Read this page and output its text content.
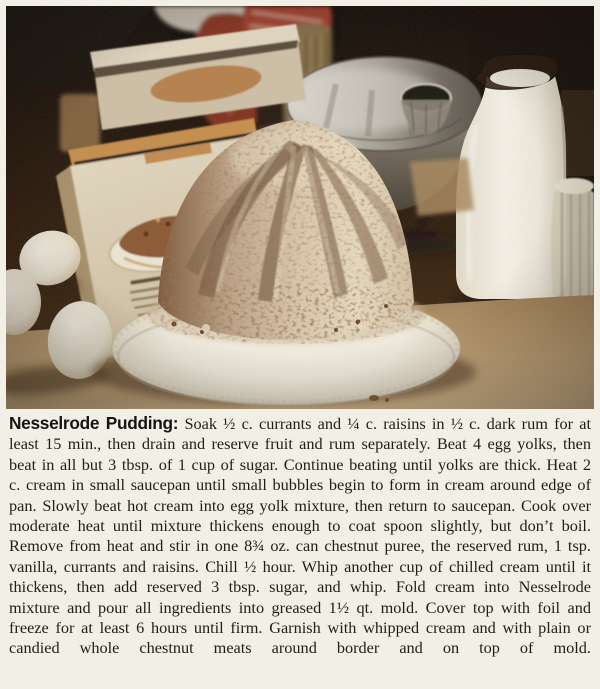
Nesselrode Pudding: Soak ½ c. currants and ¼ c. raisins in ½ c. dark rum for at least 15 min., then drain and reserve fruit and rum separately. Beat 4 egg yolks, then beat in all but 3 tbsp. of 1 cup of sugar. Continue beating until yolks are thick. Heat 2 c. cream in small saucepan until small bubbles begin to form in cream around edge of pan. Slowly beat hot cream into egg yolk mixture, then return to saucepan. Cook over moderate heat until mixture thickens enough to coat spoon slightly, but don’t boil. Remove from heat and stir in one 8¾ oz. can chestnut puree, the reserved rum, 1 tsp. vanilla, currants and raisins. Chill ½ hour. Whip another cup of chilled cream until it thickens, then add reserved 3 tbsp. sugar, and whip. Fold cream into Nesselrode mixture and pour all ingredients into greased 1½ qt. mold. Cover top with foil and freeze for at least 6 hours until firm. Garnish with whipped cream and with plain or candied whole chestnut meats around border and on top of mold.
